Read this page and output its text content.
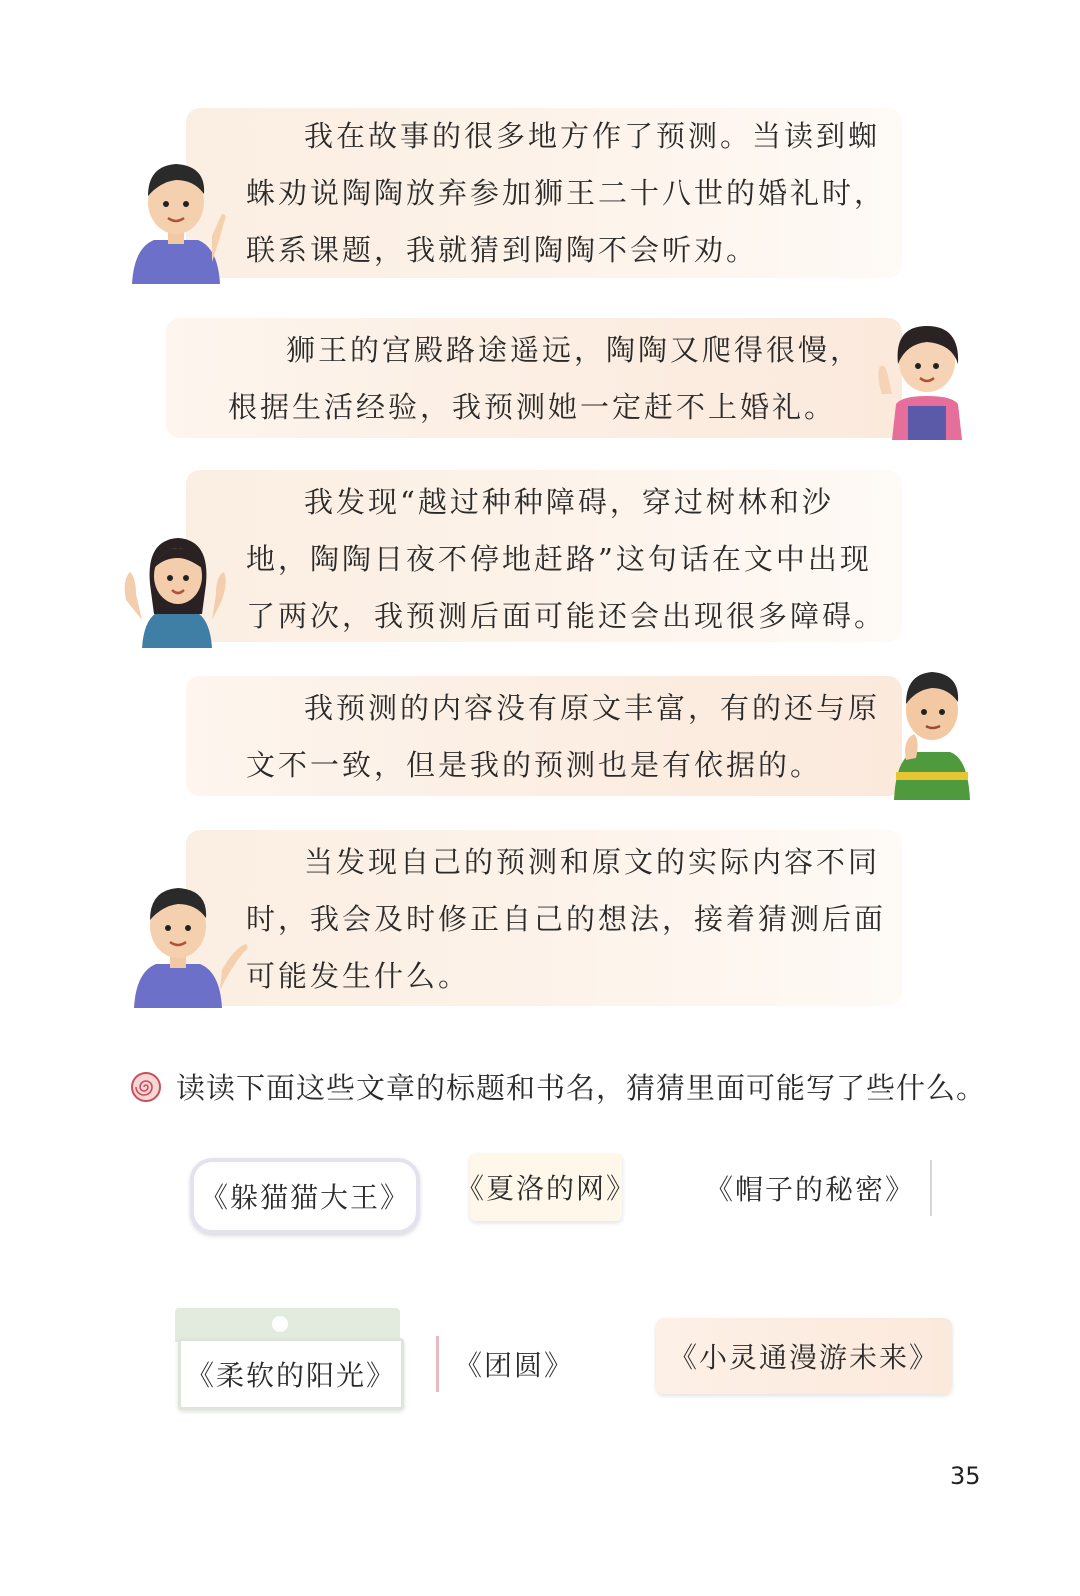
我在故事的很多地方作了预测。当读到蜘蛛劝说陶陶放弃参加狮王二十八世的婚礼时，联系课题，我就猜到陶陶不会听劝。

狮王的宫殿路途遥远，陶陶又爬得很慢，根据生活经验，我预测她一定赶不上婚礼。

我发现“越过种种障碍，穿过树林和沙地，陶陶日夜不停地赶路”这句话在文中出现了两次，我预测后面可能还会出现很多障碍。

我预测的内容没有原文丰富，有的还与原文不一致，但是我的预测也是有依据的。

当发现自己的预测和原文的实际内容不同时，我会及时修正自己的想法，接着猜测后面可能发生什么。

读读下面这些文章的标题和书名，猜猜里面可能写了些什么。
《躲猫猫大王》	《夏洛的网》	《帽子的秘密》
《柔软的阳光》	《团圆》	《小灵通漫游未来》
35
